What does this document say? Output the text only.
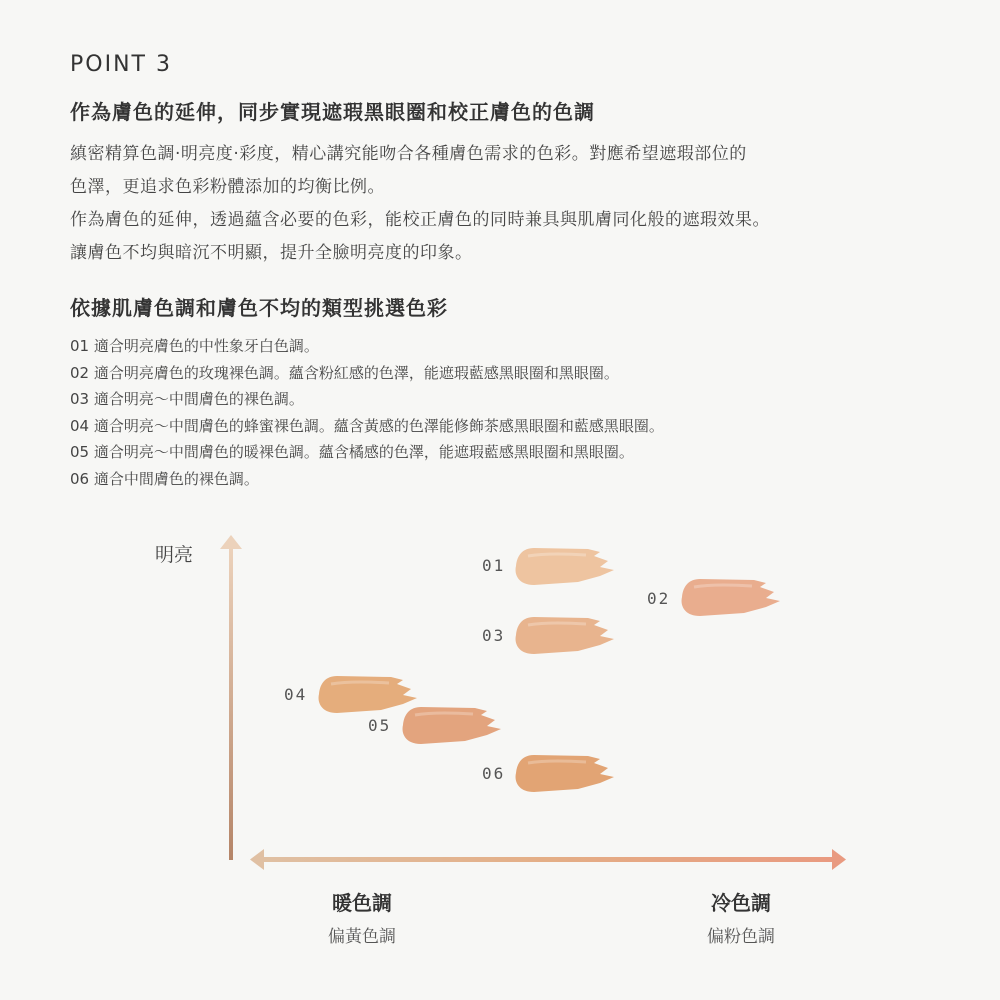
POINT 3
作為膚色的延伸，同步實現遮瑕黑眼圈和校正膚色的色調
縝密精算色調·明亮度·彩度，精心講究能吻合各種膚色需求的色彩。對應希望遮瑕部位的
色澤，更追求色彩粉體添加的均衡比例。
作為膚色的延伸，透過蘊含必要的色彩，能校正膚色的同時兼具與肌膚同化般的遮瑕效果。
讓膚色不均與暗沉不明顯，提升全臉明亮度的印象。
依據肌膚色調和膚色不均的類型挑選色彩
01 適合明亮膚色的中性象牙白色調。
02 適合明亮膚色的玫瑰裸色調。蘊含粉紅感的色澤，能遮瑕藍感黑眼圈和黑眼圈。
03 適合明亮～中間膚色的裸色調。
04 適合明亮～中間膚色的蜂蜜裸色調。蘊含黃感的色澤能修飾茶感黑眼圈和藍感黑眼圈。
05 適合明亮～中間膚色的暖裸色調。蘊含橘感的色澤，能遮瑕藍感黑眼圈和黑眼圈。
06 適合中間膚色的裸色調。
明亮	01
02
03
04
05
06
暖色調
偏黃色調
冷色調
偏粉色調
